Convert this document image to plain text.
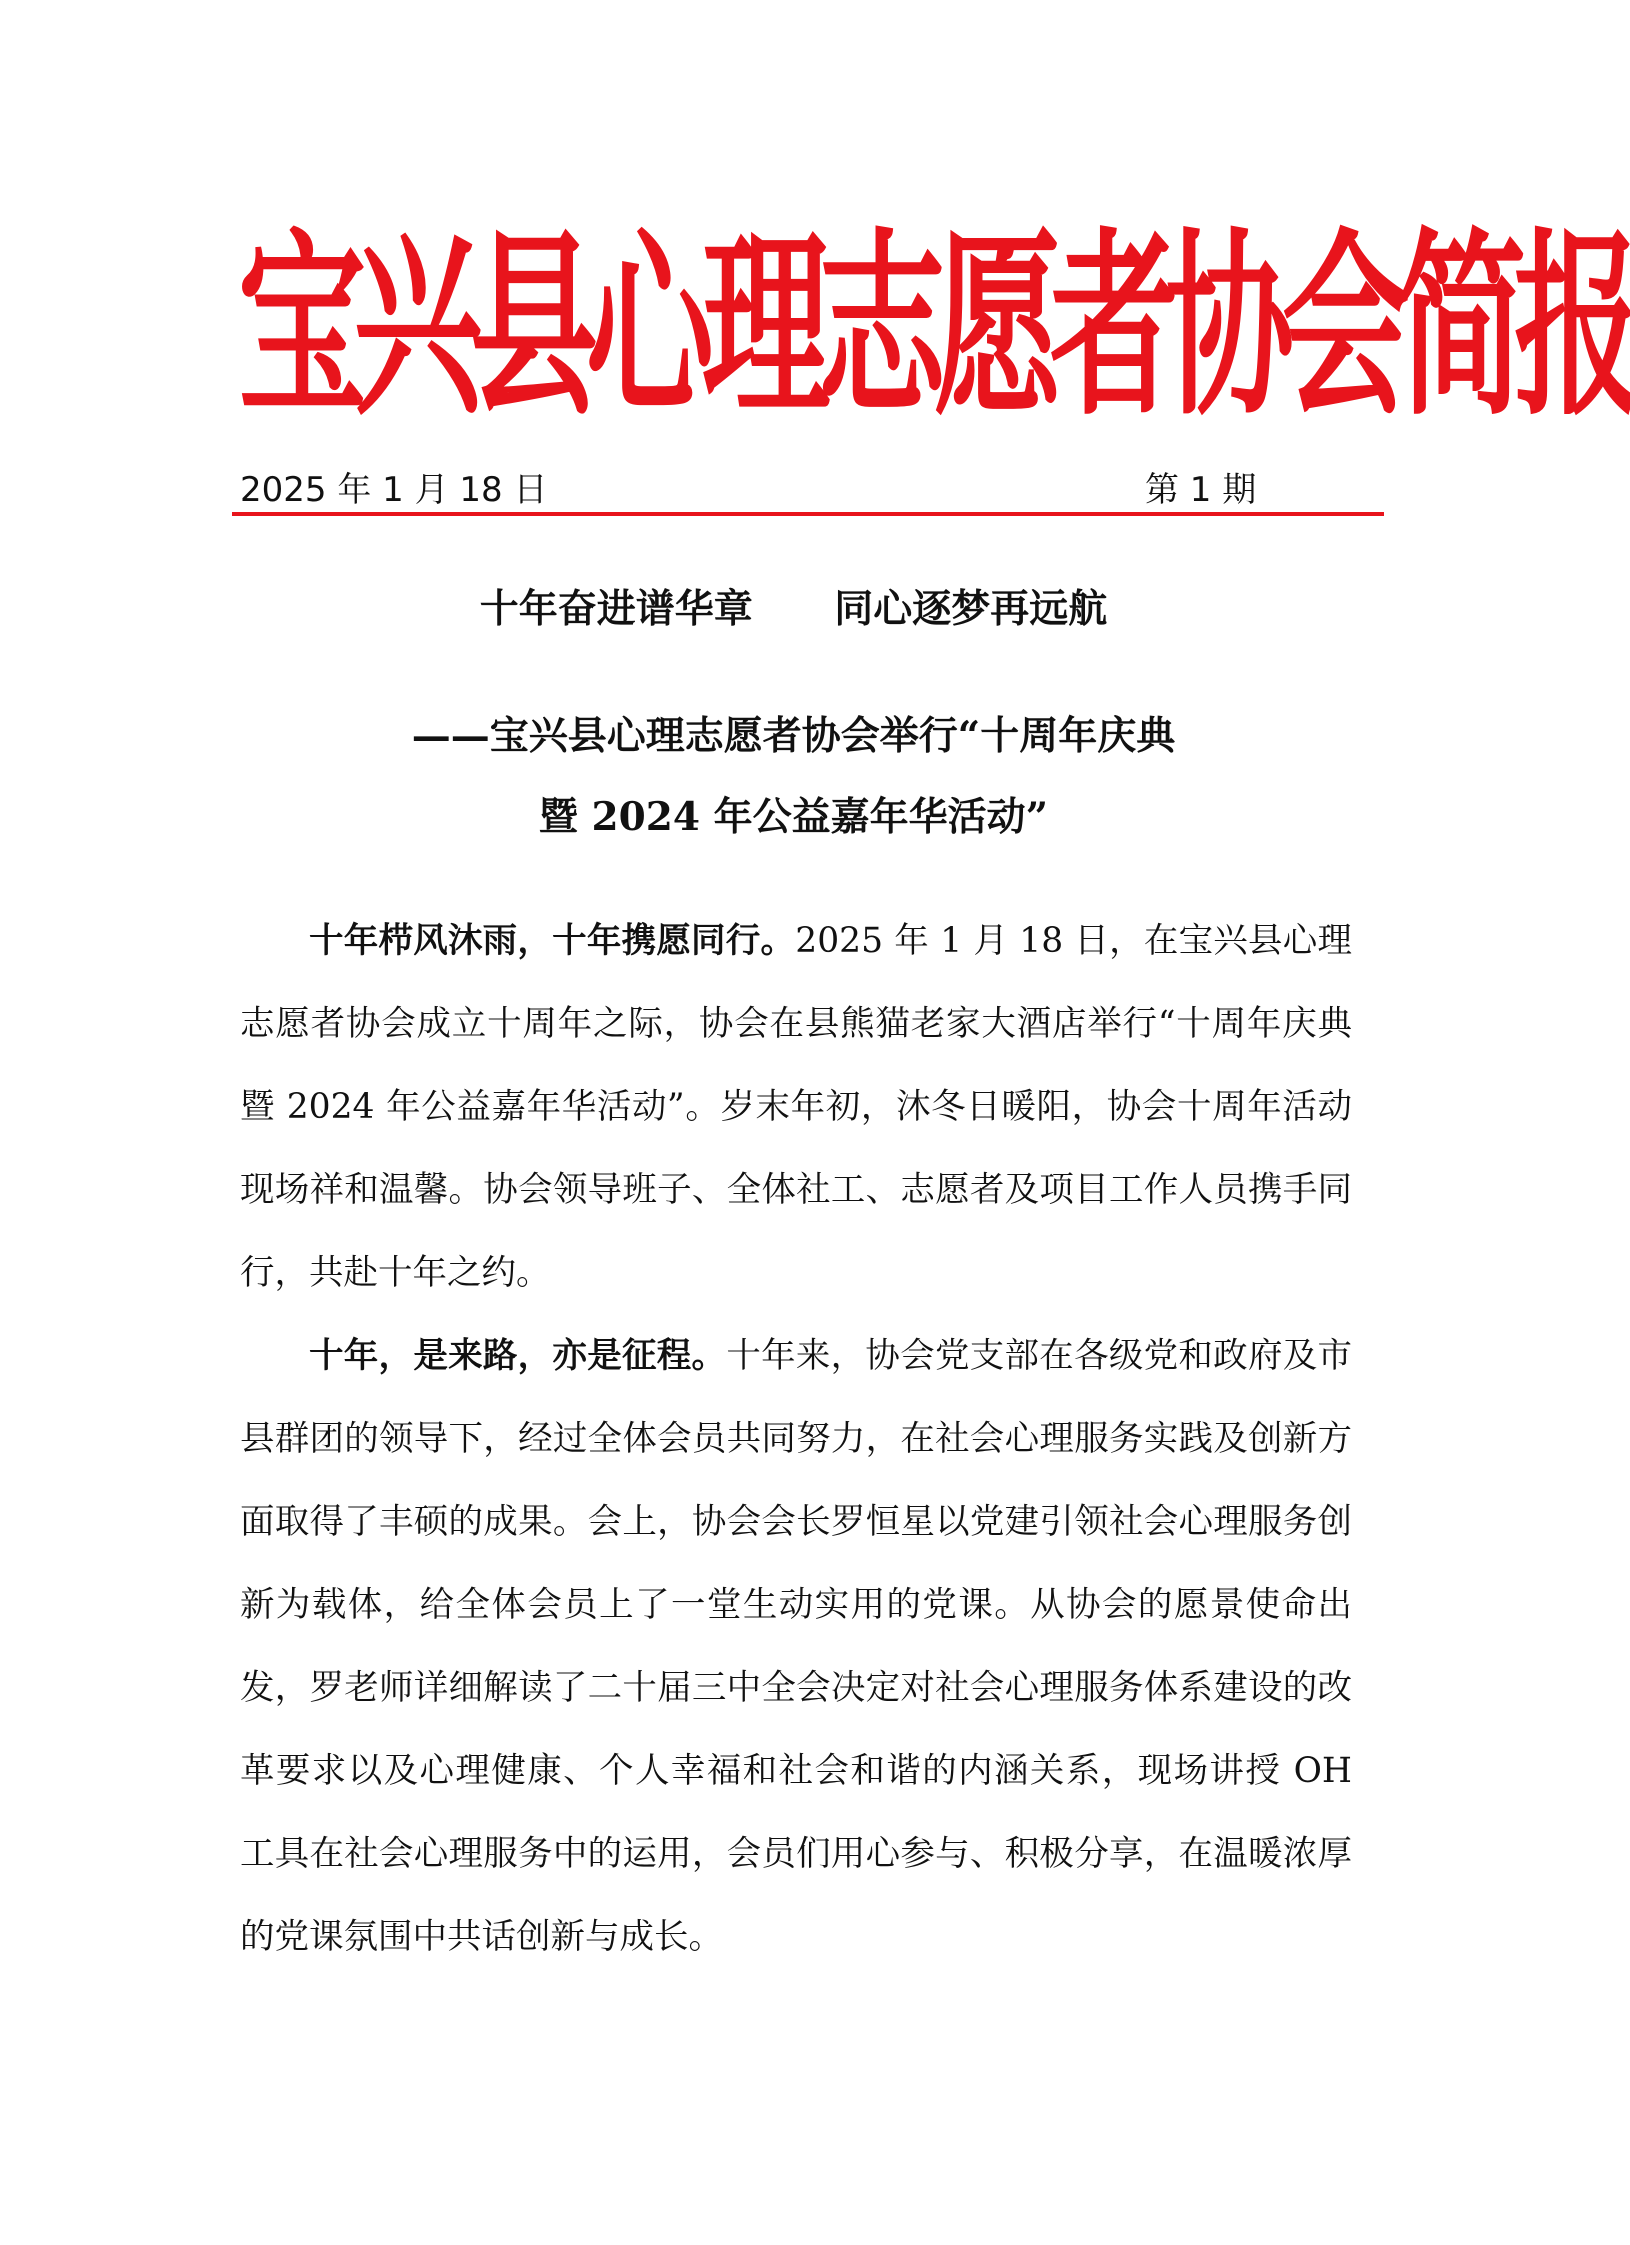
宝兴县心理志愿者协会 简报
2025 年 1 月 18 日	第 1 期
十年奋进谱华章      同心逐梦再远航
——宝兴县心理志愿者协会举行“十周年庆典
暨 2024 年公益嘉年华活动”

十年栉风沐雨，十年携愿同行。2025 年 1 月 18 日，在宝兴县心理志愿者协会成立十周年之际，协会在县熊猫老家大酒店举行“十周年庆典暨 2024 年公益嘉年华活动”。岁末年初，沐冬日暖阳，协会十周年活动现场祥和温馨。协会领导班子、全体社工、志愿者及项目工作人员携手同行，共赴十年之约。

十年，是来路，亦是征程。十年来，协会党支部在各级党和政府及市县群团的领导下，经过全体会员共同努力，在社会心理服务实践及创新方面取得了丰硕的成果。会上，协会会长罗恒星以党建引领社会心理服务创新为载体，给全体会员上了一堂生动实用的党课。从协会的愿景使命出发，罗老师详细解读了二十届三中全会决定对社会心理服务体系建设的改革要求以及心理健康、个人幸福和社会和谐的内涵关系，现场讲授 OH 工具在社会心理服务中的运用，会员们用心参与、积极分享，在温暖浓厚的党课氛围中共话创新与成长。
